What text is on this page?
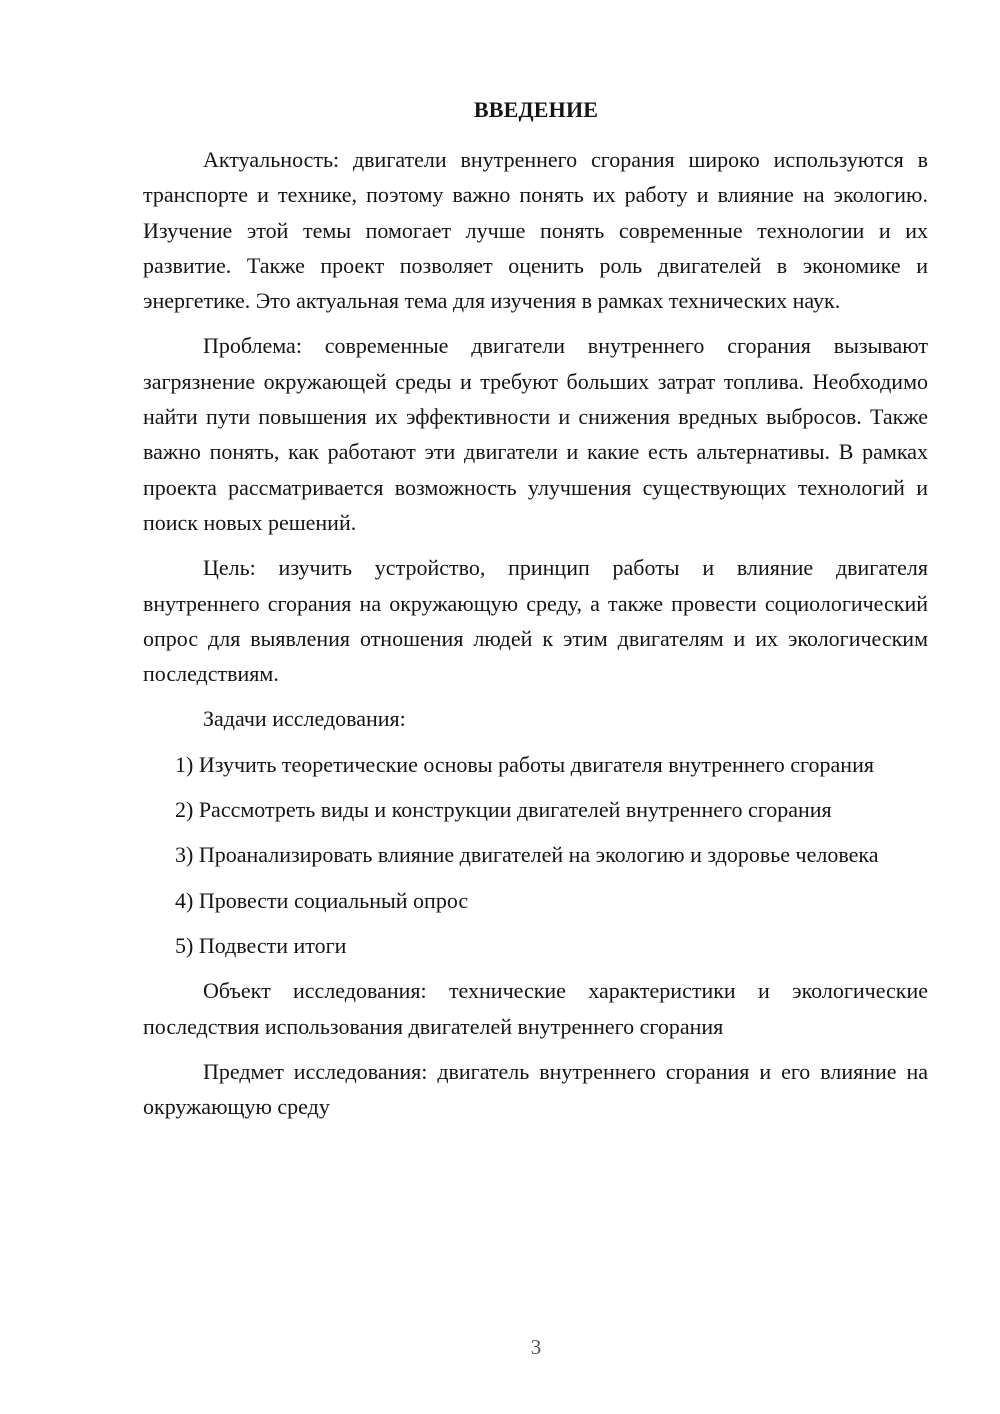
ВВЕДЕНИЕ

Актуальность: двигатели внутреннего сгорания широко используются в транспорте и технике, поэтому важно понять их работу и влияние на экологию. Изучение этой темы помогает лучше понять современные технологии и их развитие. Также проект позволяет оценить роль двигателей в экономике и энергетике. Это актуальная тема для изучения в рамках технических наук.

Проблема: современные двигатели внутреннего сгорания вызывают загрязнение окружающей среды и требуют больших затрат топлива. Необходимо найти пути повышения их эффективности и снижения вредных выбросов. Также важно понять, как работают эти двигатели и какие есть альтернативы. В рамках проекта рассматривается возможность улучшения существующих технологий и поиск новых решений.

Цель: изучить устройство, принцип работы и влияние двигателя внутреннего сгорания на окружающую среду, а также провести социологический опрос для выявления отношения людей к этим двигателям и их экологическим последствиям.

Задачи исследования:

1) Изучить теоретические основы работы двигателя внутреннего сгорания

2) Рассмотреть виды и конструкции двигателей внутреннего сгорания

3) Проанализировать влияние двигателей на экологию и здоровье человека

4) Провести социальный опрос

5) Подвести итоги

Объект исследования: технические характеристики и экологические последствия использования двигателей внутреннего сгорания

Предмет исследования: двигатель внутреннего сгорания и его влияние на окружающую среду

3
